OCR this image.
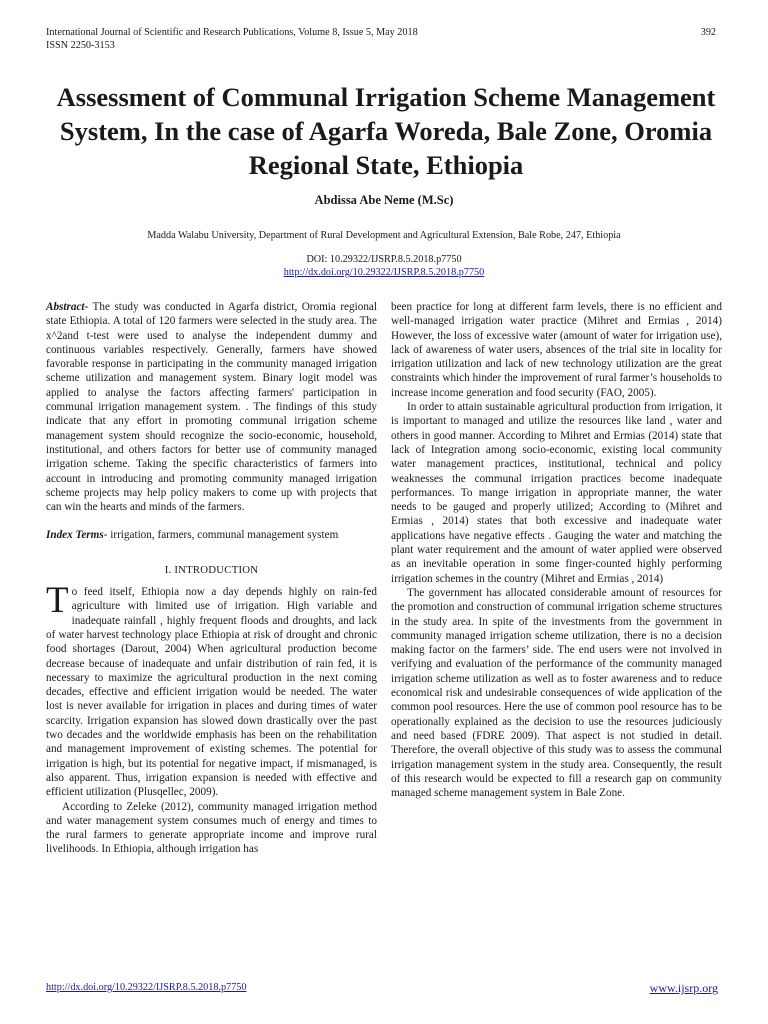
International Journal of Scientific and Research Publications, Volume 8, Issue 5, May 2018
ISSN 2250-3153
392
Assessment of Communal Irrigation Scheme Management System, In the case of Agarfa Woreda, Bale Zone, Oromia Regional State, Ethiopia
Abdissa Abe Neme (M.Sc)
Madda Walabu University, Department of Rural Development and Agricultural Extension, Bale Robe, 247, Ethiopia
DOI: 10.29322/IJSRP.8.5.2018.p7750
http://dx.doi.org/10.29322/IJSRP.8.5.2018.p7750

Abstract- The study was conducted in Agarfa district, Oromia regional state Ethiopia. A total of 120 farmers were selected in the study area. The x^2and t-test were used to analyse the independent dummy and continuous variables respectively. Generally, farmers have showed favorable response in participating in the community managed irrigation scheme utilization and management system. Binary logit model was applied to analyse the factors affecting farmers' participation in communal irrigation management system. . The findings of this study indicate that any effort in promoting communal irrigation scheme management system should recognize the socio-economic, household, institutional, and others factors for better use of community managed irrigation scheme. Taking the specific characteristics of farmers into account in introducing and promoting community managed irrigation scheme projects may help policy makers to come up with projects that can win the hearts and minds of the farmers.

Index Terms- irrigation, farmers, communal management system

I. INTRODUCTION

To feed itself, Ethiopia now a day depends highly on rain-fed agriculture with limited use of irrigation. High variable and inadequate rainfall , highly frequent floods and droughts, and lack of water harvest technology place Ethiopia at risk of drought and chronic food shortages (Darout, 2004) When agricultural production become decrease because of inadequate and unfair distribution of rain fed, it is necessary to maximize the agricultural production in the next coming decades, effective and efficient irrigation would be needed. The water lost is never available for irrigation in places and during times of water scarcity. Irrigation expansion has slowed down drastically over the past two decades and the worldwide emphasis has been on the rehabilitation and management improvement of existing schemes. The potential for irrigation is high, but its potential for negative impact, if mismanaged, is also apparent. Thus, irrigation expansion is needed with effective and efficient utilization (Plusqellec, 2009).

According to Zeleke (2012), community managed irrigation method and water management system consumes much of energy and times to the rural farmers to generate appropriate income and improve rural livelihoods. In Ethiopia, although irrigation has

been practice for long at different farm levels, there is no efficient and well-managed irrigation water practice (Mihret and Ermias , 2014) However, the loss of excessive water (amount of water for irrigation use), lack of awareness of water users, absences of the trial site in locality for irrigation utilization and lack of new technology utilization are the great constraints which hinder the improvement of rural farmer’s households to increase income generation and food security (FAO, 2005).

In order to attain sustainable agricultural production from irrigation, it is important to managed and utilize the resources like land , water and others in good manner. According to Mihret and Ermias (2014) state that lack of Integration among socio-economic, existing local community water management practices, institutional, technical and policy weaknesses the communal irrigation practices become inadequate performances. To mange irrigation in appropriate manner, the water needs to be gauged and properly utilized; According to (Mihret and Ermias , 2014) states that both excessive and inadequate water applications have negative effects . Gauging the water and matching the plant water requirement and the amount of water applied were observed as an inevitable operation in some finger-counted highly performing irrigation schemes in the country (Mihret and Ermias , 2014)

The government has allocated considerable amount of resources for the promotion and construction of communal irrigation scheme structures in the study area. In spite of the investments from the government in community managed irrigation scheme utilization, there is no a decision making factor on the farmers’ side. The end users were not involved in verifying and evaluation of the performance of the community managed irrigation scheme utilization as well as to foster awareness and to reduce economical risk and undesirable consequences of wide application of the common pool resources. Here the use of common pool resource has to be operationally explained as the decision to use the resources judiciously and need based (FDRE 2009). That aspect is not studied in detail. Therefore, the overall objective of this study was to assess the communal irrigation management system in the study area. Consequently, the result of this research would be expected to fill a research gap on community managed scheme management system in Bale Zone.

http://dx.doi.org/10.29322/IJSRP.8.5.2018.p7750	www.ijsrp.org
